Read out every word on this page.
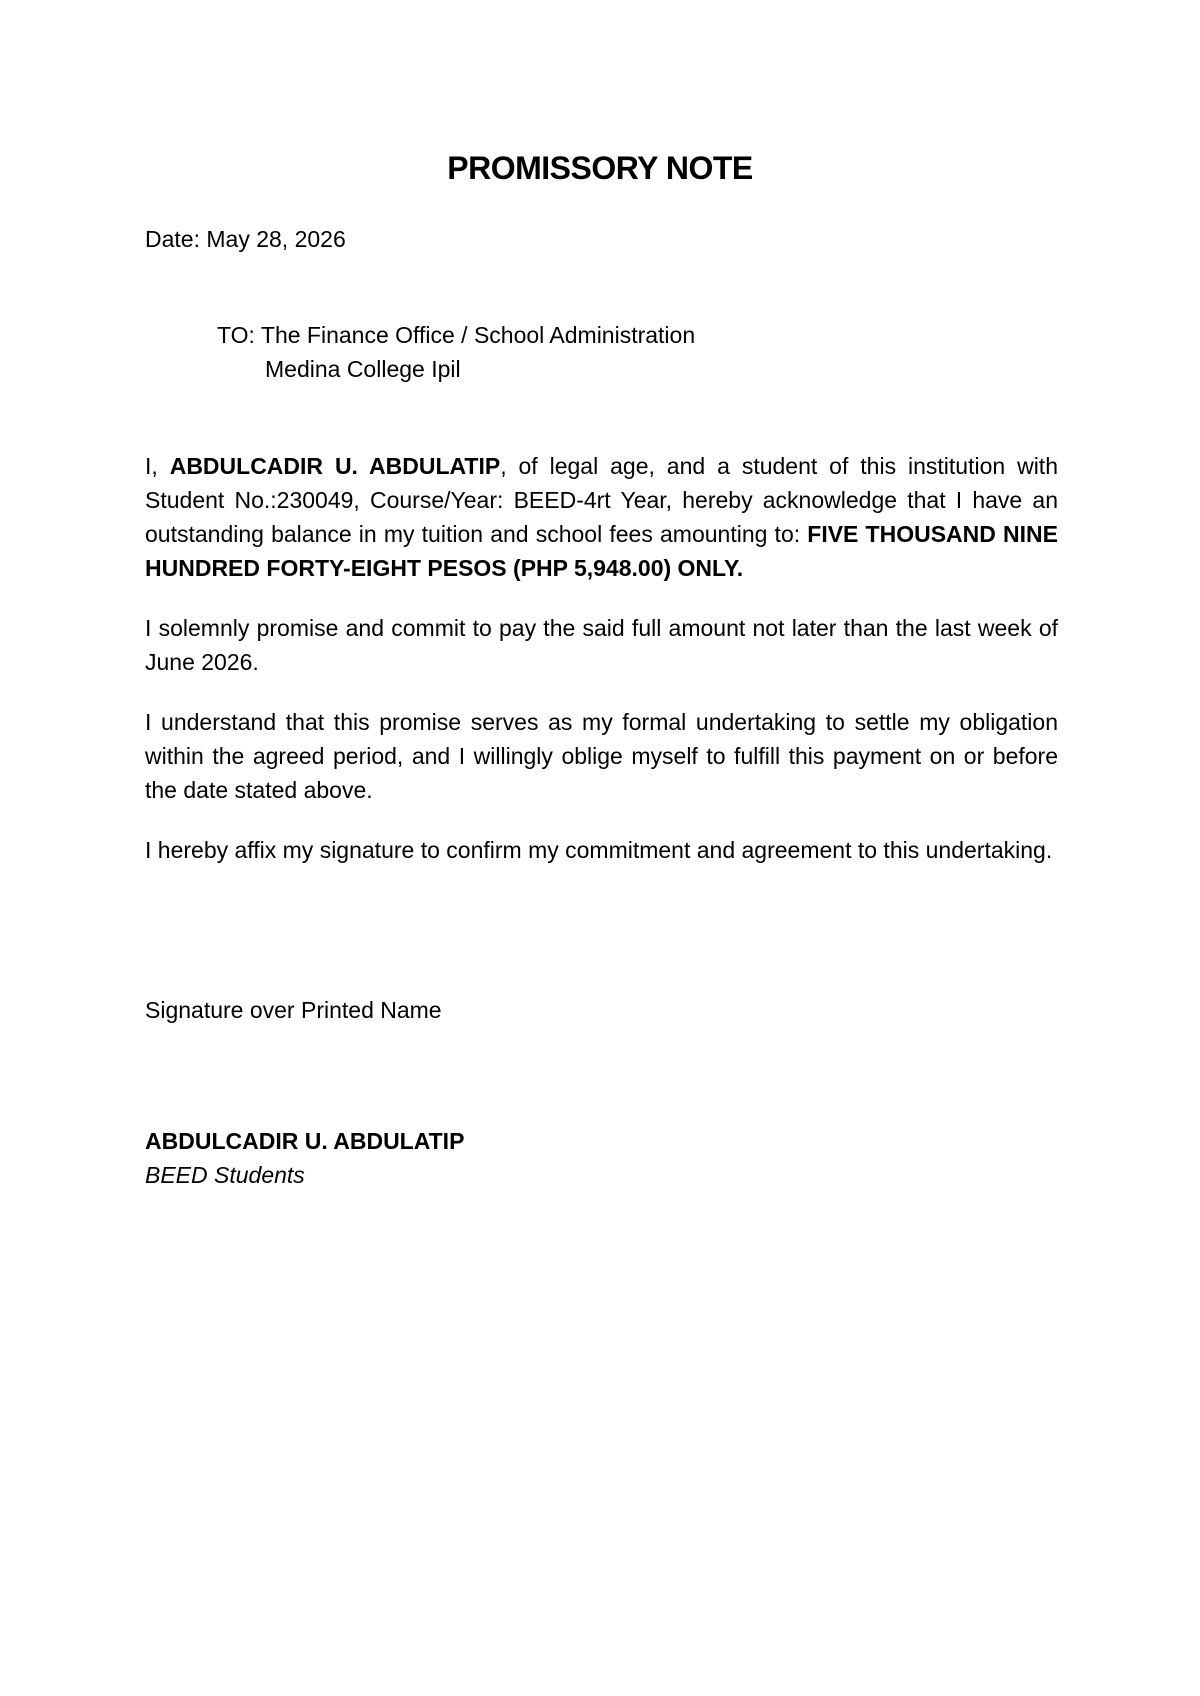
PROMISSORY NOTE

Date: May 28, 2026

TO: The Finance Office / School Administration
Medina College Ipil

I, ABDULCADIR U. ABDULATIP, of legal age, and a student of this institution with Student No.:230049, Course/Year: BEED-4rt Year, hereby acknowledge that I have an outstanding balance in my tuition and school fees amounting to: FIVE THOUSAND NINE HUNDRED FORTY-EIGHT PESOS (PHP 5,948.00) ONLY.

I solemnly promise and commit to pay the said full amount not later than the last week of June 2026.

I understand that this promise serves as my formal undertaking to settle my obligation within the agreed period, and I willingly oblige myself to fulfill this payment on or before the date stated above.

I hereby affix my signature to confirm my commitment and agreement to this undertaking.

Signature over Printed Name

ABDULCADIR U. ABDULATIP

BEED Students
